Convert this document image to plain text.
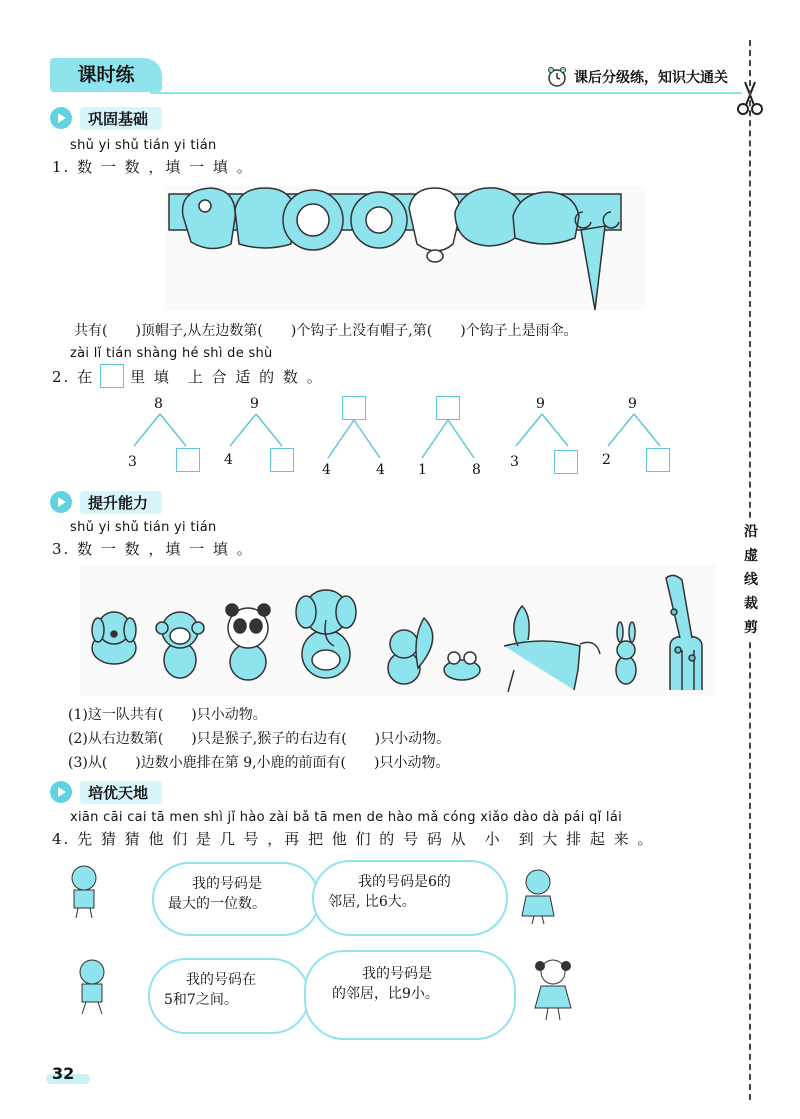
课时练	课后分级练，知识大通关
沿
虚
线
裁
剪
巩固基础
shǔ yi shǔ tián yi tián
1. 数 一 数 ，填 一 填 。
共有(　　)顶帽子,从左边数第(　　)个钩子上没有帽子,第(　　)个钩子上是雨伞。
zài lǐ tián shàng hé shì de shù
2. 在 里 填　上 合 适 的 数 。
8
3
9
4
4	4 1	8
9
3
9
2
提升能力
shǔ yi shǔ tián yi tián
3. 数 一 数 ，填 一 填 。
(1)这一队共有(　　)只小动物。
(2)从右边数第(　　)只是猴子,猴子的右边有(　　)只小动物。
(3)从(　　)边数小鹿排在第 9,小鹿的前面有(　　)只小动物。
培优天地
xiān cāi cai tā men shì jǐ hào zài bǎ tā men de hào mǎ cóng xiǎo dào dà pái qǐ lái
4. 先 猜 猜 他 们 是 几 号 ，再 把 他 们 的 号 码 从　小　到 大 排 起 来 。
我的号码是
最大的一位数。
我的号码是6的
邻居, 比6大。
我的号码在
5和7之间。
我的号码是
的邻居，比9小。
32
